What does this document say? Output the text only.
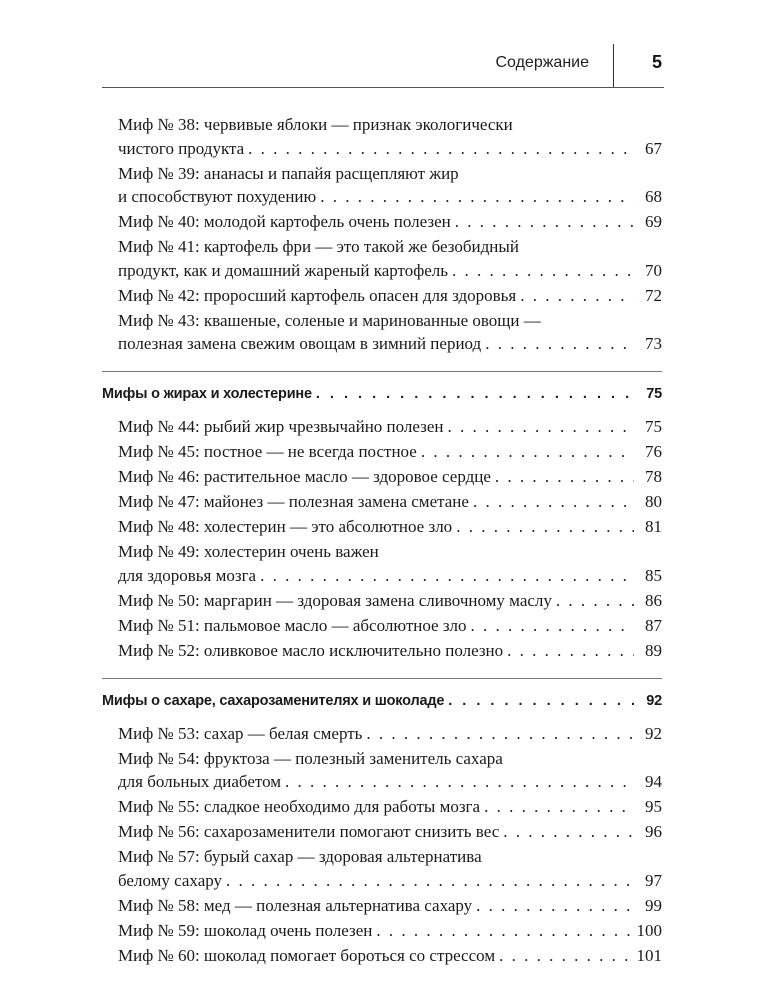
Содержание	5
Миф № 38: червивые яблоки — признак экологически
чистого продукта . . .	67
Миф № 39: ананасы и папайя расщепляют жир
и способствуют похудению . . .	68
Миф № 40: молодой картофель очень полезен . . .	69
Миф № 41: картофель фри — это такой же безобидный
продукт, как и домашний жареный картофель . . .	70
Миф № 42: проросший картофель опасен для здоровья . . .	72
Миф № 43: квашеные, соленые и маринованные овощи —
полезная замена свежим овощам в зимний период . . .	73
Мифы о жирах и холестерине . . .	75
Миф № 44: рыбий жир чрезвычайно полезен . . .	75
Миф № 45: постное — не всегда постное . . .	76
Миф № 46: растительное масло — здоровое сердце . . .	78
Миф № 47: майонез — полезная замена сметане . . .	80
Миф № 48: холестерин — это абсолютное зло . . .	81
Миф № 49: холестерин очень важен
для здоровья мозга . . .	85
Миф № 50: маргарин — здоровая замена сливочному маслу . . .	86
Миф № 51: пальмовое масло — абсолютное зло . . .	87
Миф № 52: оливковое масло исключительно полезно . . .	89
Мифы о сахаре, сахарозаменителях и шоколаде . . .	92
Миф № 53: сахар — белая смерть . . .	92
Миф № 54: фруктоза — полезный заменитель сахара
для больных диабетом . . .	94
Миф № 55: сладкое необходимо для работы мозга . . .	95
Миф № 56: сахарозаменители помогают снизить вес . . .	96
Миф № 57: бурый сахар — здоровая альтернатива
белому сахару . . .	97
Миф № 58: мед — полезная альтернатива сахару . . .	99
Миф № 59: шоколад очень полезен . . .	100
Миф № 60: шоколад помогает бороться со стрессом . . .	101
